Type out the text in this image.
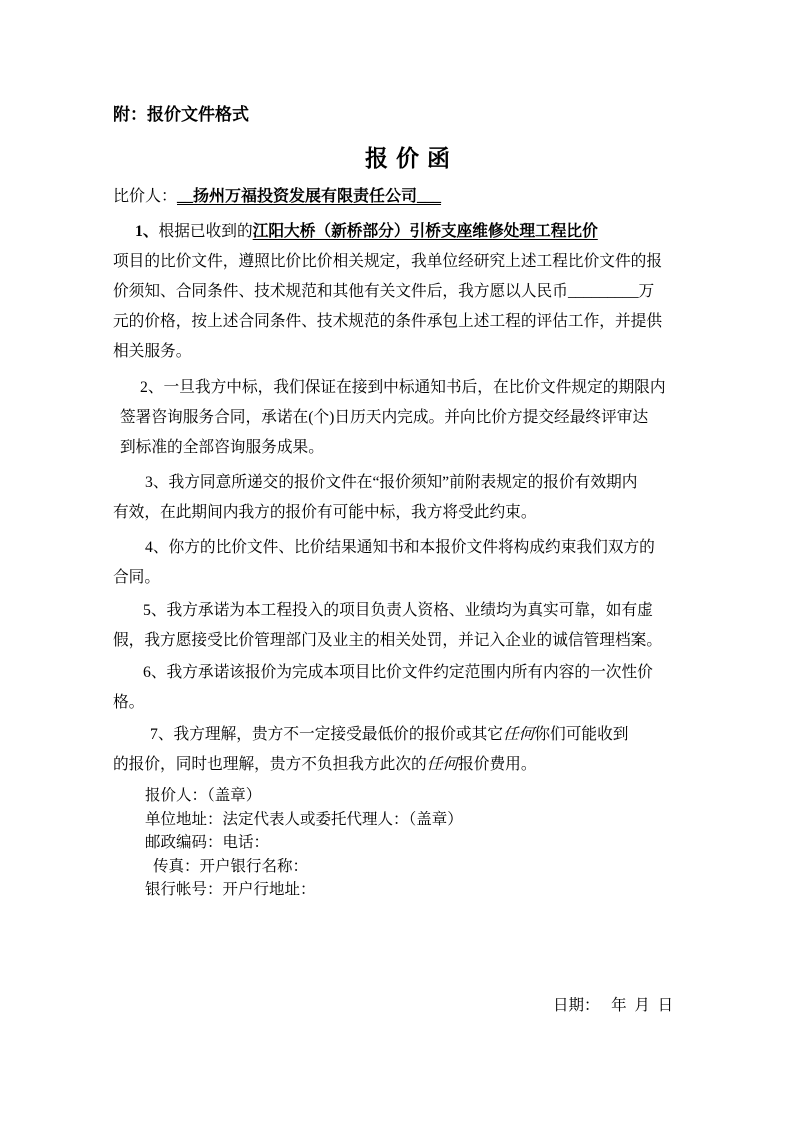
附：报价文件格式
报价函
比价人：__扬州万福投资发展有限责任公司___
1、根据已收到的江阳大桥（新桥部分）引桥支座维修处理工程比价
项目的比价文件，遵照比价比价相关规定，我单位经研究上述工程比价文件的报
价须知、合同条件、技术规范和其他有关文件后，我方愿以人民币_________万
元的价格，按上述合同条件、技术规范的条件承包上述工程的评估工作，并提供
相关服务。
2、一旦我方中标，我们保证在接到中标通知书后，在比价文件规定的期限内
签署咨询服务合同，承诺在(个)日历天内完成。并向比价方提交经最终评审达
到标准的全部咨询服务成果。
3、我方同意所递交的报价文件在“报价须知”前附表规定的报价有效期内
有效，在此期间内我方的报价有可能中标，我方将受此约束。
4、你方的比价文件、比价结果通知书和本报价文件将构成约束我们双方的
合同。
5、我方承诺为本工程投入的项目负责人资格、业绩均为真实可靠，如有虚
假，我方愿接受比价管理部门及业主的相关处罚，并记入企业的诚信管理档案。
6、我方承诺该报价为完成本项目比价文件约定范围内所有内容的一次性价
格。
7、我方理解，贵方不一定接受最低价的报价或其它任何你们可能收到
的报价，同时也理解，贵方不负担我方此次的任何报价费用。
报价人：（盖章）
单位地址：法定代表人或委托代理人：（盖章）
邮政编码：电话：
传真：开户银行名称：
银行帐号：开户行地址：
日期：   年  月  日
